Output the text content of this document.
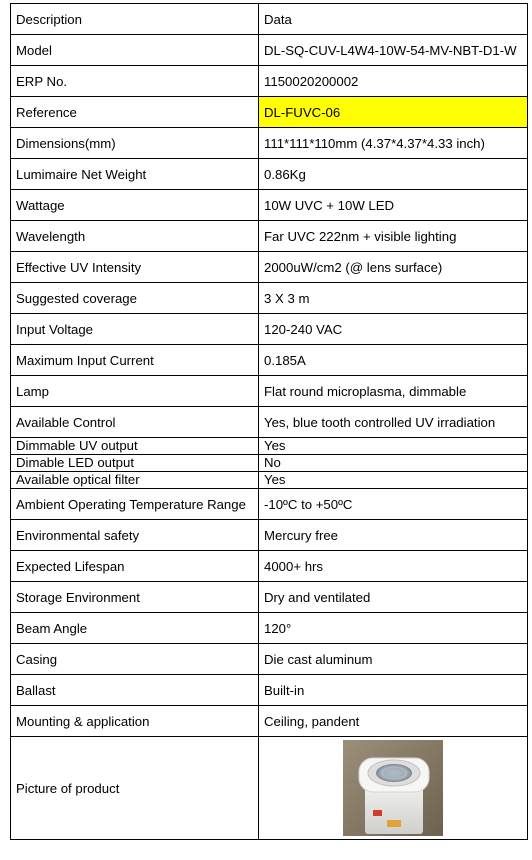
Description	Data
Model	DL-SQ-CUV-L4W4-10W-54-MV-NBT-D1-W
ERP No.	1150020200002
Reference	DL-FUVC-06
Dimensions(mm)	111*111*110mm (4.37*4.37*4.33 inch)
Lumimaire Net Weight	0.86Kg
Wattage	10W UVC + 10W LED
Wavelength	Far UVC 222nm + visible lighting
Effective UV Intensity	2000uW/cm2 (@ lens surface)
Suggested coverage	3 X 3 m
Input Voltage	120-240 VAC
Maximum Input Current	0.185A
Lamp	Flat round microplasma, dimmable
Available Control	Yes, blue tooth controlled UV irradiation
Dimmable UV output	Yes
Dimable LED output	No
Available optical filter	Yes
Ambient Operating Temperature Range	-10ºC to +50ºC
Environmental safety	Mercury free
Expected Lifespan	4000+ hrs
Storage Environment	Dry and ventilated
Beam Angle	120°
Casing	Die cast aluminum
Ballast	Built-in
Mounting & application	Ceiling, pandent
Picture of product	
